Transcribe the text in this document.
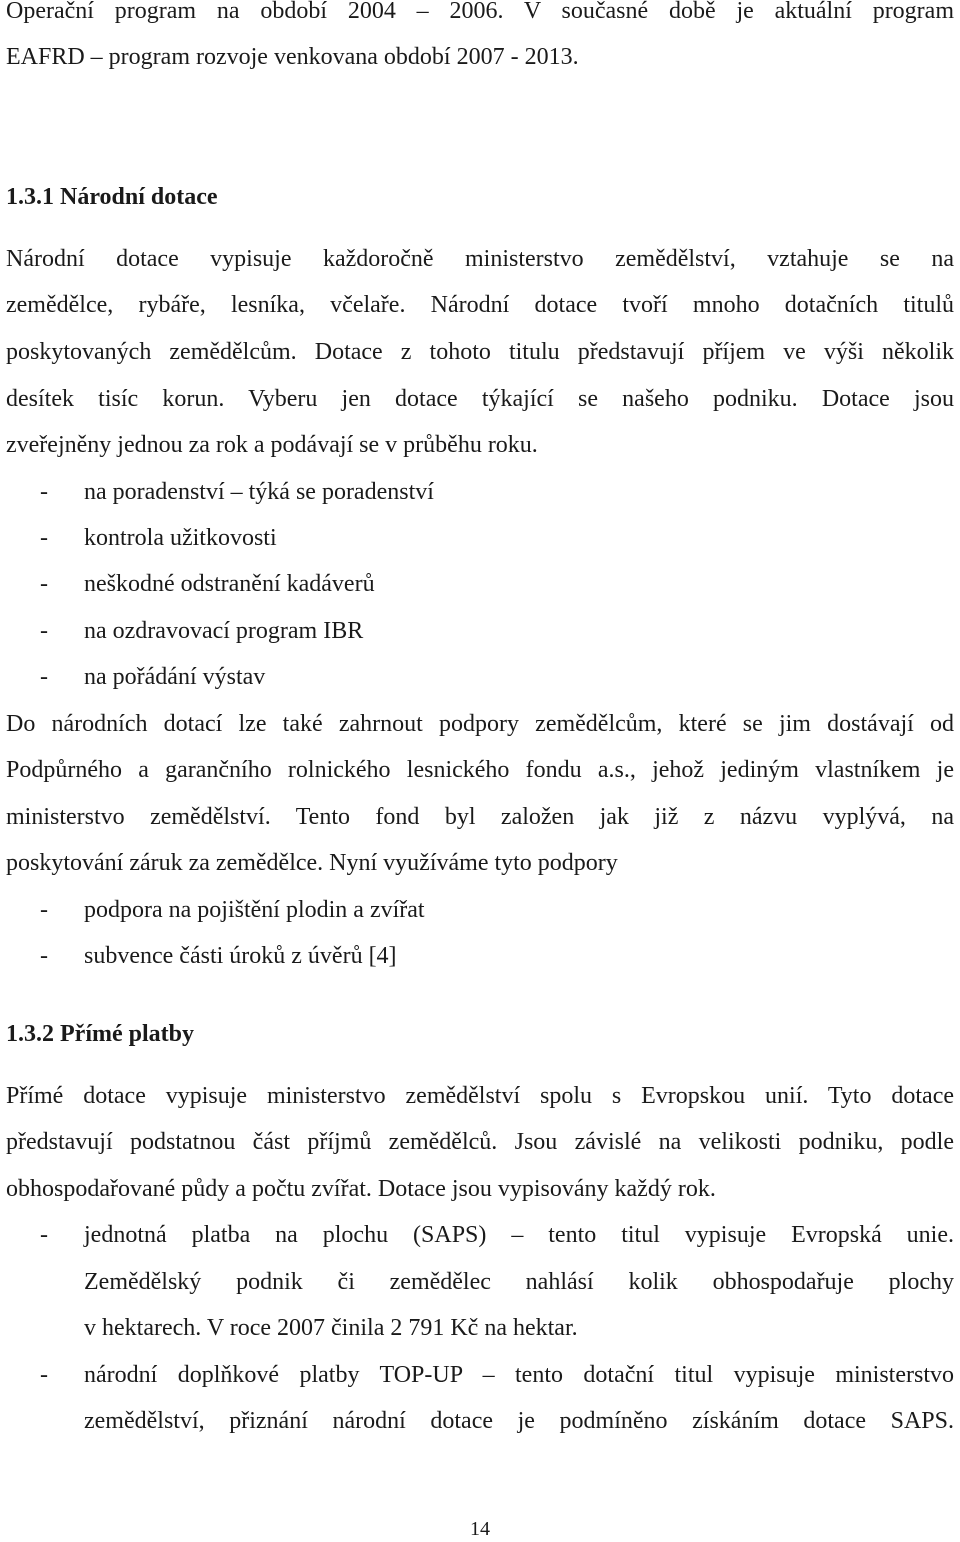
Operační program na období 2004 – 2006. V současné době je aktuální program
EAFRD – program rozvoje venkovana období 2007 - 2013.
1.3.1 Národní dotace
Národní dotace vypisuje každoročně ministerstvo zemědělství, vztahuje se na
zemědělce, rybáře, lesníka, včelaře. Národní dotace tvoří mnoho dotačních titulů
poskytovaných zemědělcům. Dotace z tohoto titulu představují příjem ve výši několik
desítek tisíc korun. Vyberu jen dotace týkající se našeho podniku. Dotace jsou
zveřejněny jednou za rok a podávají se v průběhu roku.
- na poradenství – týká se poradenství
- kontrola užitkovosti
- neškodné odstranění kadáverů
- na ozdravovací program IBR
- na pořádání výstav
Do národních dotací lze také zahrnout podpory zemědělcům, které se jim dostávají od
Podpůrného a garančního rolnického lesnického fondu a.s., jehož jediným vlastníkem je
ministerstvo zemědělství. Tento fond byl založen jak již z názvu vyplývá, na
poskytování záruk za zemědělce. Nyní využíváme tyto podpory
- podpora na pojištění plodin a zvířat
- subvence části úroků z úvěrů [4]
1.3.2 Přímé platby
Přímé dotace vypisuje ministerstvo zemědělství spolu s Evropskou unií. Tyto dotace
představují podstatnou část příjmů zemědělců. Jsou závislé na velikosti podniku, podle
obhospodařované půdy a počtu zvířat. Dotace jsou vypisovány každý rok.
- jednotná platba na plochu (SAPS) – tento titul vypisuje Evropská unie.
Zemědělský podnik či zemědělec nahlásí kolik obhospodařuje plochy
v hektarech. V roce 2007 činila 2 791 Kč na hektar.
- národní doplňkové platby TOP-UP – tento dotační titul vypisuje ministerstvo
zemědělství, přiznání národní dotace je podmíněno získáním dotace SAPS.
14
